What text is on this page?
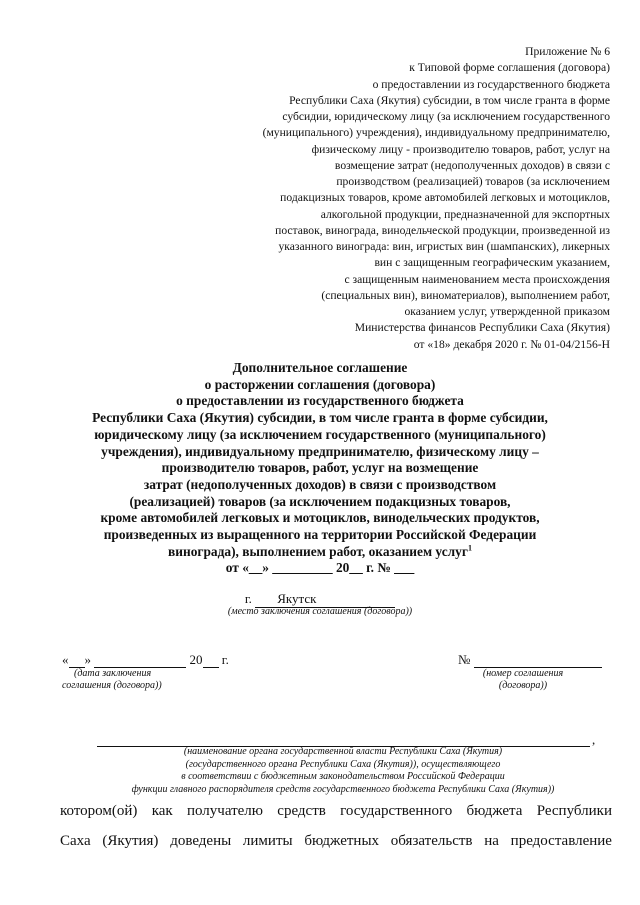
Приложение № 6
к Типовой форме соглашения (договора)
о предоставлении из государственного бюджета
Республики Саха (Якутия) субсидии, в том числе гранта в форме
субсидии, юридическому лицу (за исключением государственного
(муниципального) учреждения), индивидуальному предпринимателю,
физическому лицу - производителю товаров, работ, услуг на
возмещение затрат (недополученных доходов) в связи с
производством (реализацией) товаров (за исключением
подакцизных товаров, кроме автомобилей легковых и мотоциклов,
алкогольной продукции, предназначенной для экспортных
поставок, винограда, винодельческой продукции, произведенной из
указанного винограда: вин, игристых вин (шампанских), ликерных
вин с защищенным географическим указанием,
с защищенным наименованием места происхождения
(специальных вин), виноматериалов), выполнением работ,
оказанием услуг, утвержденной приказом
Министерства финансов Республики Саха (Якутия)
от «18» декабря 2020 г. № 01-04/2156-Н
Дополнительное соглашение
о расторжении соглашения (договора)
о предоставлении из государственного бюджета
Республики Саха (Якутия) субсидии, в том числе гранта в форме субсидии,
юридическому лицу (за исключением государственного (муниципального)
учреждения), индивидуальному предпринимателю, физическому лицу –
производителю товаров, работ, услуг на возмещение
затрат (недополученных доходов) в связи с производством
(реализацией) товаров (за исключением подакцизных товаров,
кроме автомобилей легковых и мотоциклов, винодельческих продуктов,
произведенных из выращенного на территории Российской Федерации
винограда), выполнением работ, оказанием услуг$^1$
от «__» _________ 20__ г. № ___
г. Якутск
(место заключения соглашения (договора))
« »	20 г.
(дата заключения
соглашения (договора))
№
(номер соглашения
(договора))
,
(наименование органа государственной власти Республики Саха (Якутия)
(государственного органа Республики Саха (Якутия)), осуществляющего
в соответствии с бюджетным законодательством Российской Федерации
функции главного распорядителя средств государственного бюджета Республики Саха (Якутия))
котором(ой) как получателю средств государственного бюджета Республики
Саха (Якутия) доведены лимиты бюджетных обязательств на предоставление
